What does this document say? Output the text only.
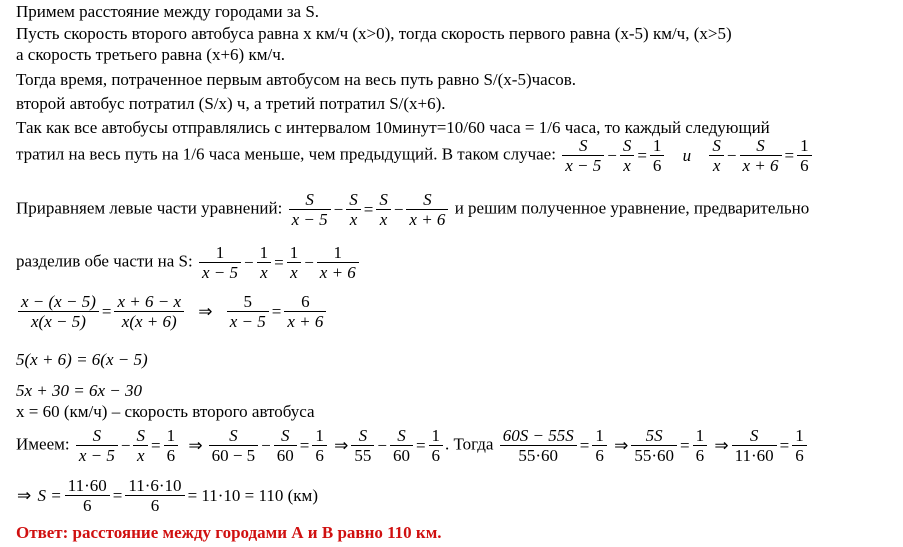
Примем расстояние между городами за S.
Пусть скорость второго автобуса равна х км/ч (х>0), тогда скорость первого равна (х-5) км/ч, (х>5)
а скорость третьего равна (х+6) км/ч.
Тогда время, потраченное первым автобусом на весь путь равно S/(x-5)часов.
второй автобус потратил (S/x) ч, а третий потратил S/(x+6).
Так как все автобусы отправлялись с интервалом 10минут=10/60 часа = 1/6 часа, то каждый следующий
тратил на весь путь на 1/6 часа меньше, чем предыдущий. В таком случае: $\frac{S}{x - 5} - \frac{S}{x} = \frac{1}{6}$ и $\frac{S}{x} - \frac{S}{x + 6} = \frac{1}{6}$
Приравняем левые части уравнений: $\frac{S}{x - 5} - \frac{S}{x} = \frac{S}{x} - \frac{S}{x + 6}$ и решим полученное уравнение, предварительно
разделив обе части на S: $\frac{1}{x - 5} - \frac{1}{x} = \frac{1}{x} - \frac{1}{x + 6}$
$\frac{x - (x - 5)}{x(x - 5)} = \frac{x + 6 - x}{x(x + 6)}$ ⇒ $\frac{5}{x - 5} = \frac{6}{x + 6}$
5(x + 6) = 6(x − 5)
5x + 30 = 6x − 30
x = 60 (км/ч) – скорость второго автобуса
Имеем: $\frac{S}{x - 5} - \frac{S}{x} = \frac{1}{6}$ ⇒ $\frac{S}{60 - 5} - \frac{S}{60} = \frac{1}{6}$ ⇒ $\frac{S}{55} - \frac{S}{60} = \frac{1}{6}$ . Тогда $\frac{60S - 55S}{55\cdot 60} = \frac{1}{6}$ ⇒ $\frac{5S}{55\cdot 60} = \frac{1}{6}$ ⇒ $\frac{S}{11\cdot 60} = \frac{1}{6}$
⇒ $S = \frac{11\cdot 60}{6} = \frac{11\cdot 6\cdot 10}{6} = 11\cdot 10 = 110$ (км)
Ответ: расстояние между городами А и В равно 110 км.
